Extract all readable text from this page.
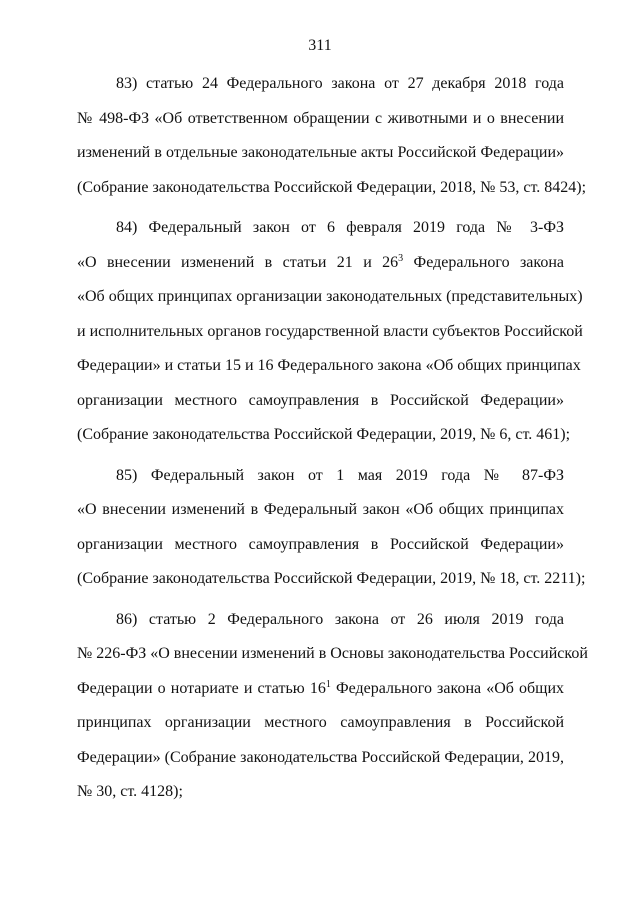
311
83) статью 24 Федерального закона от 27 декабря 2018 года
№ 498-ФЗ «Об ответственном обращении с животными и о внесении
изменений в отдельные законодательные акты Российской Федерации»
(Собрание законодательства Российской Федерации, 2018, № 53, ст. 8424);
84) Федеральный закон от 6 февраля 2019 года № 3-ФЗ
«О внесении изменений в статьи 21 и $26^3$ Федерального закона
«Об общих принципах организации законодательных (представительных)
и исполнительных органов государственной власти субъектов Российской
Федерации» и статьи 15 и 16 Федерального закона «Об общих принципах
организации местного самоуправления в Российской Федерации»
(Собрание законодательства Российской Федерации, 2019, № 6, ст. 461);
85) Федеральный закон от 1 мая 2019 года № 87-ФЗ
«О внесении изменений в Федеральный закон «Об общих принципах
организации местного самоуправления в Российской Федерации»
(Собрание законодательства Российской Федерации, 2019, № 18, ст. 2211);
86) статью 2 Федерального закона от 26 июля 2019 года
№ 226-ФЗ «О внесении изменений в Основы законодательства Российской
Федерации о нотариате и статью $16^1$ Федерального закона «Об общих
принципах организации местного самоуправления в Российской
Федерации» (Собрание законодательства Российской Федерации, 2019,
№ 30, ст. 4128);
